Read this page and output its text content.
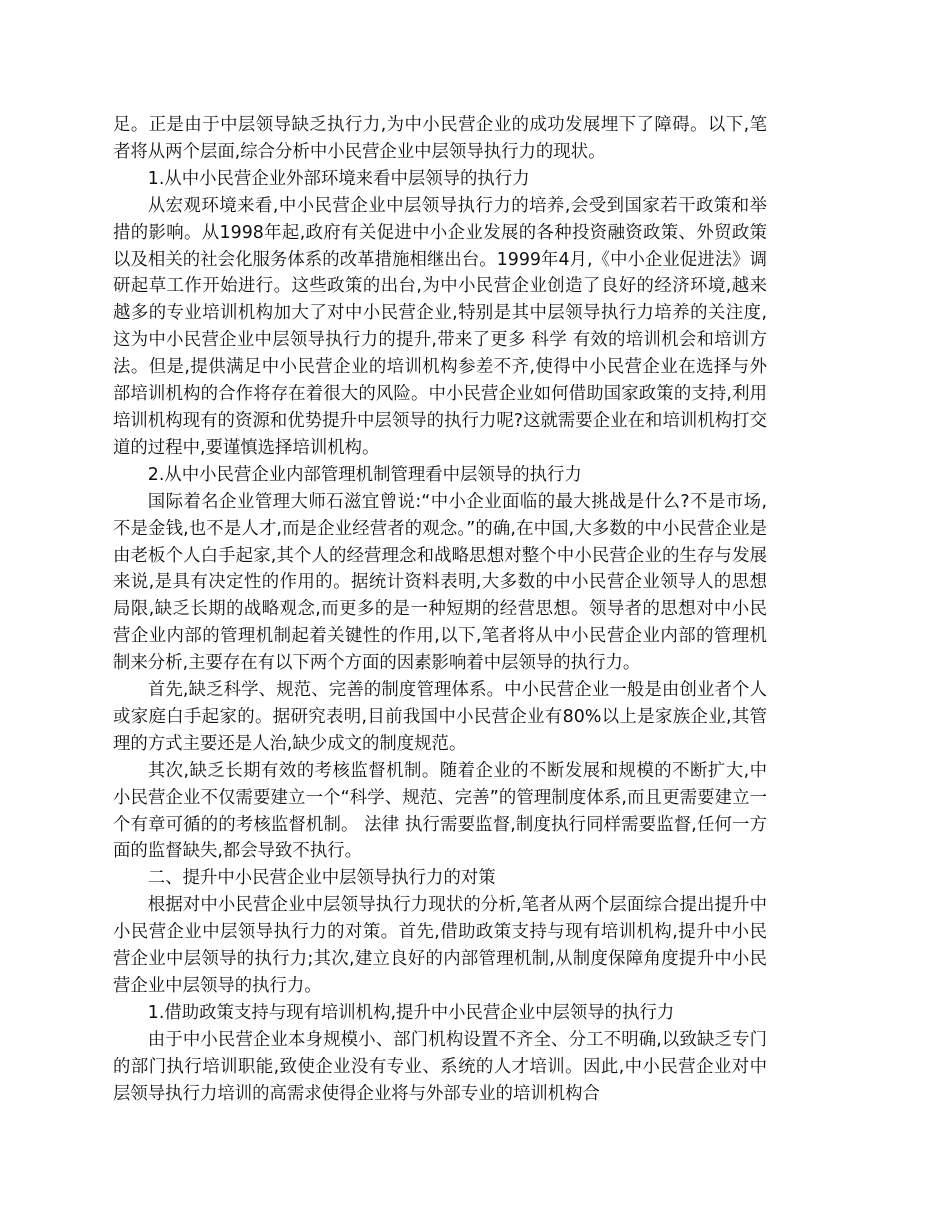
足。正是由于中层领导缺乏执行力,为中小民营企业的成功发展埋下了障碍。以下,笔者将从两个层面,综合分析中小民营企业中层领导执行力的现状。

1.从中小民营企业外部环境来看中层领导的执行力

从宏观环境来看,中小民营企业中层领导执行力的培养,会受到国家若干政策和举措的影响。从1998年起,政府有关促进中小企业发展的各种投资融资政策、外贸政策以及相关的社会化服务体系的改革措施相继出台。1999年4月,《中小企业促进法》调研起草工作开始进行。这些政策的出台,为中小民营企业创造了良好的经济环境,越来越多的专业培训机构加大了对中小民营企业,特别是其中层领导执行力培养的关注度,这为中小民营企业中层领导执行力的提升,带来了更多 科学 有效的培训机会和培训方法。但是,提供满足中小民营企业的培训机构参差不齐,使得中小民营企业在选择与外部培训机构的合作将存在着很大的风险。中小民营企业如何借助国家政策的支持,利用培训机构现有的资源和优势提升中层领导的执行力呢?这就需要企业在和培训机构打交道的过程中,要谨慎选择培训机构。

2.从中小民营企业内部管理机制管理看中层领导的执行力

国际着名企业管理大师石滋宜曾说:“中小企业面临的最大挑战是什么?不是市场,不是金钱,也不是人才,而是企业经营者的观念。”的确,在中国,大多数的中小民营企业是由老板个人白手起家,其个人的经营理念和战略思想对整个中小民营企业的生存与发展来说,是具有决定性的作用的。据统计资料表明,大多数的中小民营企业领导人的思想局限,缺乏长期的战略观念,而更多的是一种短期的经营思想。领导者的思想对中小民营企业内部的管理机制起着关键性的作用,以下,笔者将从中小民营企业内部的管理机制来分析,主要存在有以下两个方面的因素影响着中层领导的执行力。

首先,缺乏科学、规范、完善的制度管理体系。中小民营企业一般是由创业者个人或家庭白手起家的。据研究表明,目前我国中小民营企业有80%以上是家族企业,其管理的方式主要还是人治,缺少成文的制度规范。

其次,缺乏长期有效的考核监督机制。随着企业的不断发展和规模的不断扩大,中小民营企业不仅需要建立一个“科学、规范、完善”的管理制度体系,而且更需要建立一个有章可循的的考核监督机制。 法律 执行需要监督,制度执行同样需要监督,任何一方面的监督缺失,都会导致不执行。

二、提升中小民营企业中层领导执行力的对策

根据对中小民营企业中层领导执行力现状的分析,笔者从两个层面综合提出提升中小民营企业中层领导执行力的对策。首先,借助政策支持与现有培训机构,提升中小民营企业中层领导的执行力;其次,建立良好的内部管理机制,从制度保障角度提升中小民营企业中层领导的执行力。

1.借助政策支持与现有培训机构,提升中小民营企业中层领导的执行力

由于中小民营企业本身规模小、部门机构设置不齐全、分工不明确,以致缺乏专门的部门执行培训职能,致使企业没有专业、系统的人才培训。因此,中小民营企业对中层领导执行力培训的高需求使得企业将与外部专业的培训机构合
